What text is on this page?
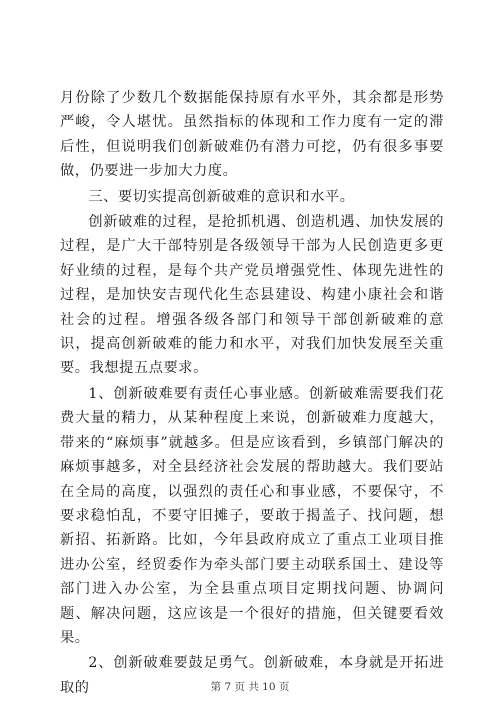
月份除了少数几个数据能保持原有水平外，其余都是形势严峻，令人堪忧。虽然指标的体现和工作力度有一定的滞后性，但说明我们创新破难仍有潜力可挖，仍有很多事要做，仍要进一步加大力度。

三、要切实提高创新破难的意识和水平。

创新破难的过程，是抢抓机遇、创造机遇、加快发展的过程，是广大干部特别是各级领导干部为人民创造更多更好业绩的过程，是每个共产党员增强党性、体现先进性的过程，是加快安吉现代化生态县建设、构建小康社会和谐社会的过程。增强各级各部门和领导干部创新破难的意识，提高创新破难的能力和水平，对我们加快发展至关重要。我想提五点要求。

1、创新破难要有责任心事业感。创新破难需要我们花费大量的精力，从某种程度上来说，创新破难力度越大，带来的“麻烦事”就越多。但是应该看到，乡镇部门解决的麻烦事越多，对全县经济社会发展的帮助越大。我们要站在全局的高度，以强烈的责任心和事业感，不要保守，不要求稳怕乱，不要守旧摊子，要敢于揭盖子、找问题，想新招、拓新路。比如，今年县政府成立了重点工业项目推进办公室，经贸委作为牵头部门要主动联系国土、建设等部门进入办公室，为全县重点项目定期找问题、协调问题、解决问题，这应该是一个很好的措施，但关键要看效果。

2、创新破难要鼓足勇气。创新破难，本身就是开拓进取的	第 7 页 共 10 页
